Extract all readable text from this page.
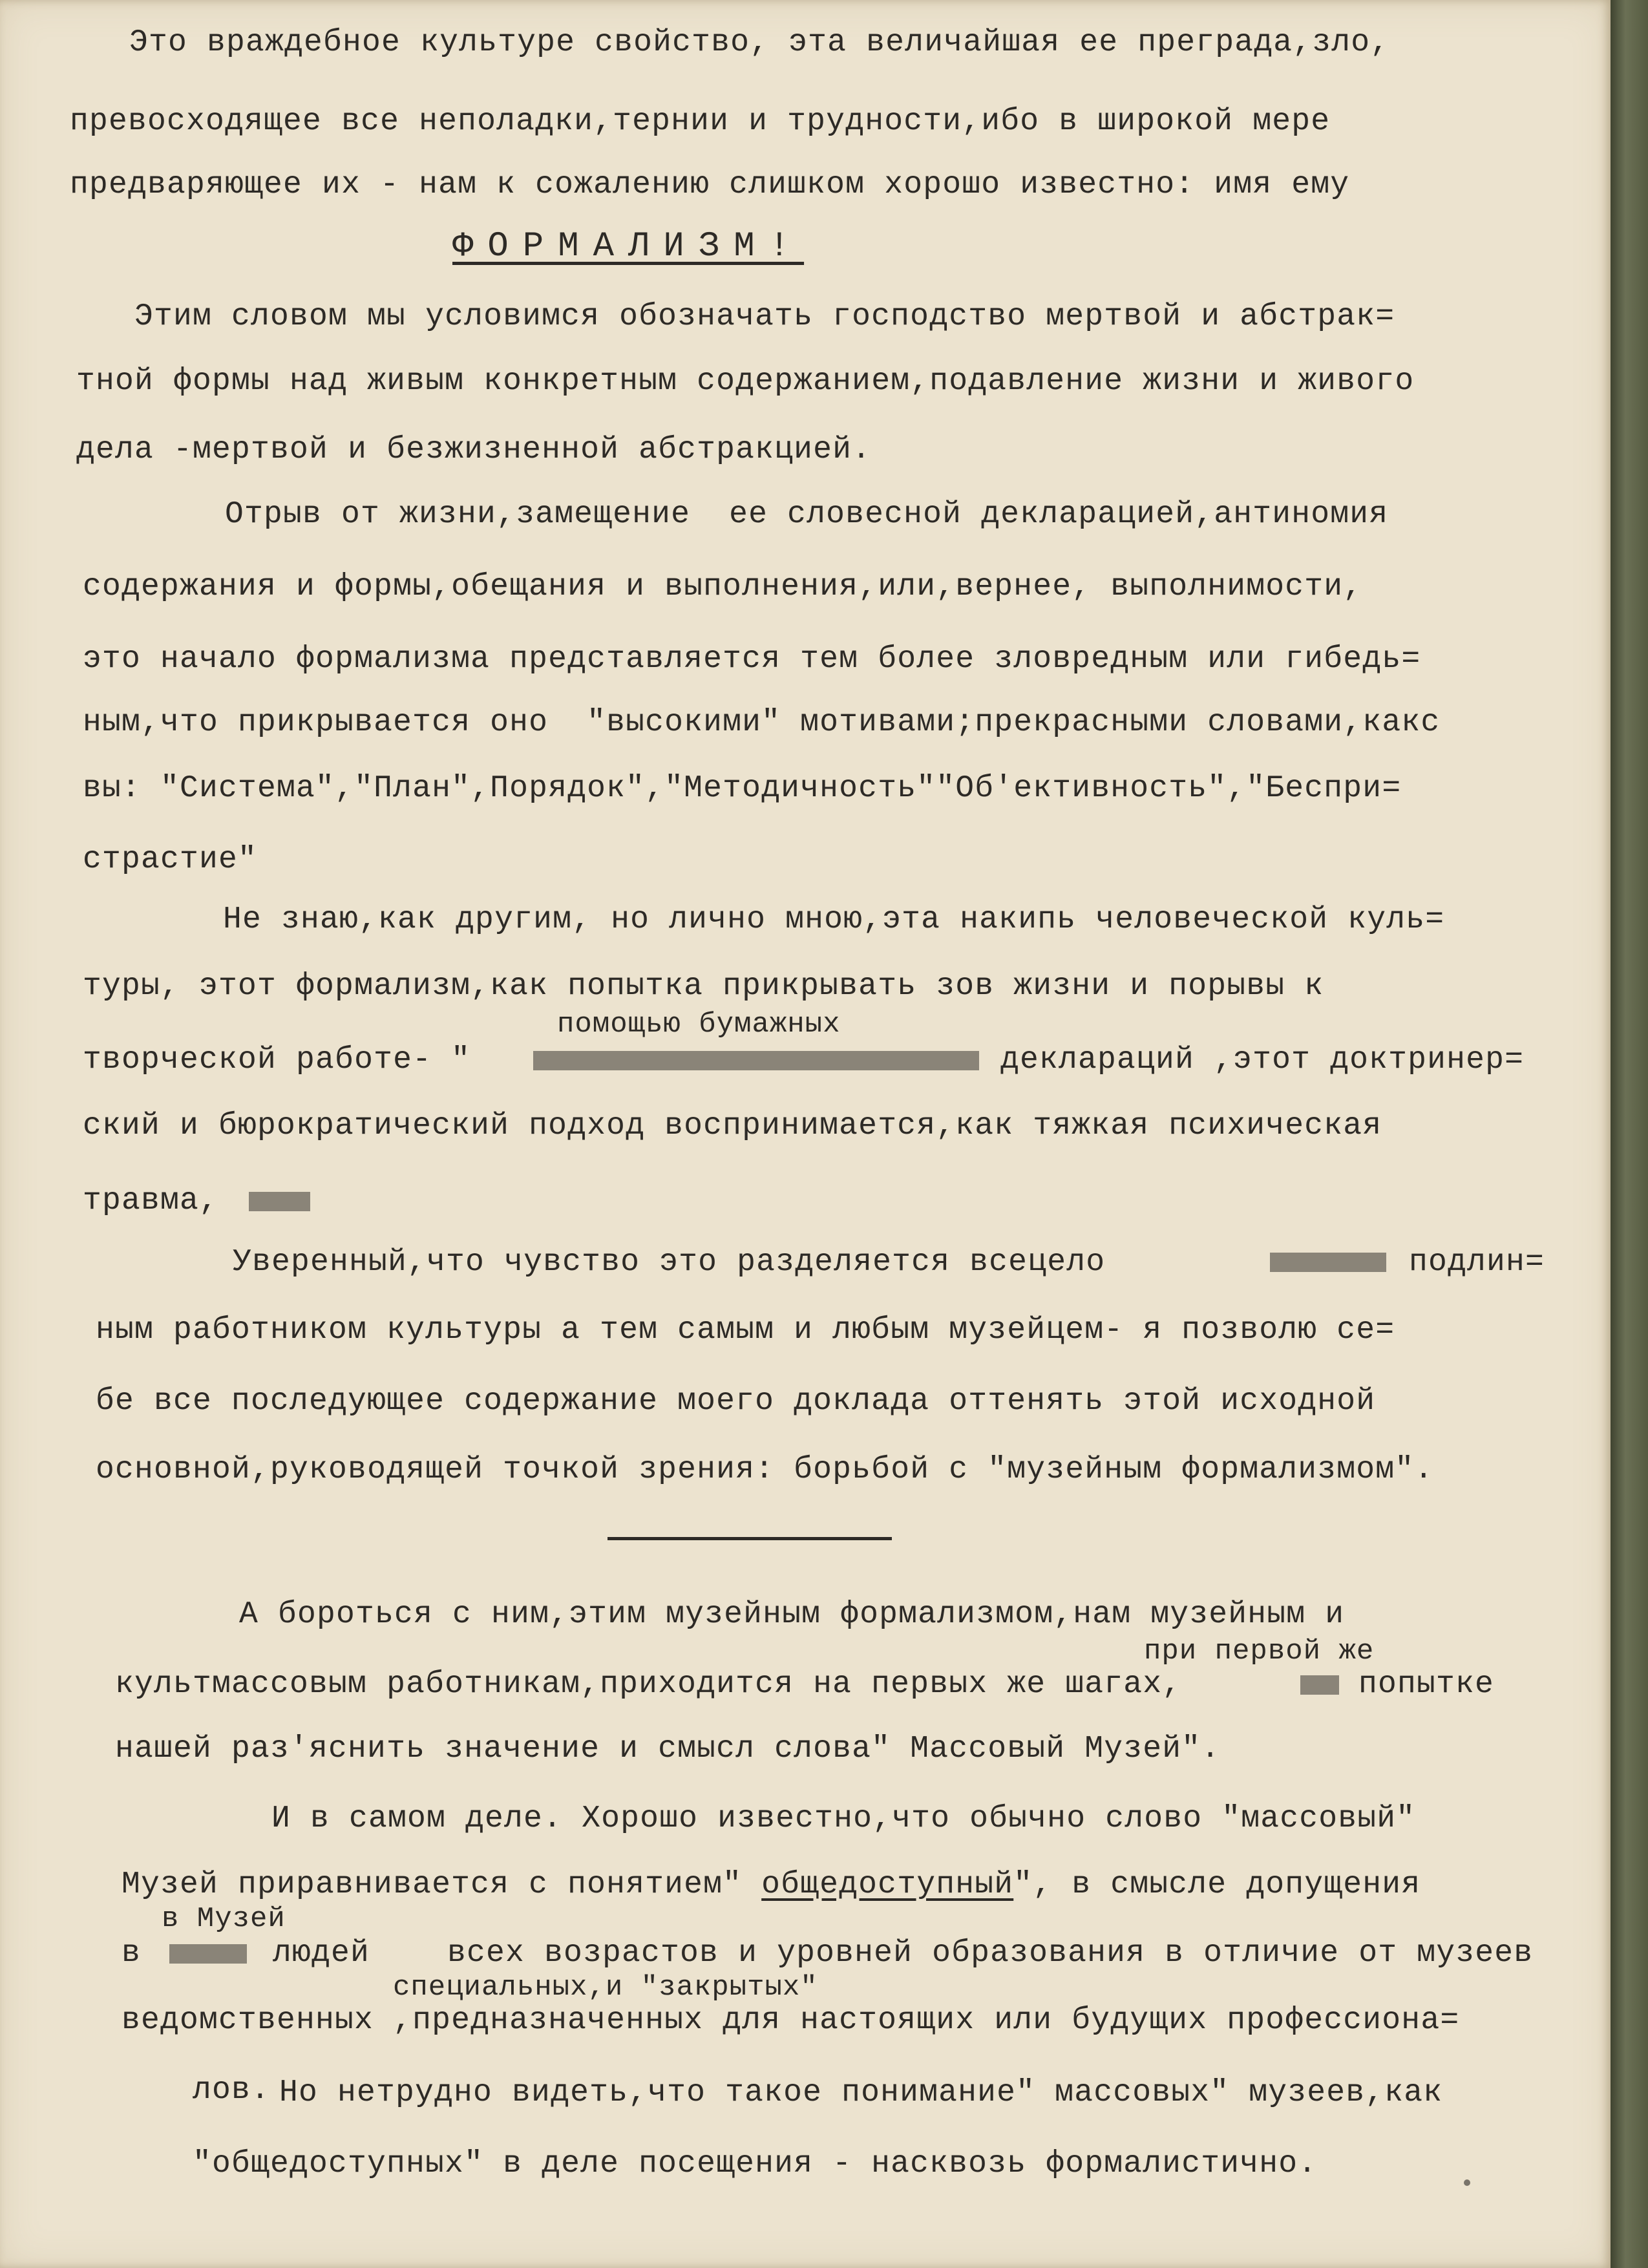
Это враждебное культуре свойство, эта величайшая ее преграда,зло,
превосходящее все неполадки,тернии и трудности,ибо в широкой мере
предваряющее их - нам к сожалению слишком хорошо известно: имя ему
ФОРМАЛИЗМ!
Этим словом мы условимся обозначать господство мертвой и абстрак=
тной формы над живым конкретным содержанием,подавление жизни и живого
дела -мертвой и безжизненной абстракцией.
Отрыв от жизни,замещение  ее словесной декларацией,антиномия
содержания и формы,обещания и выполнения,или,вернее, выполнимости,
это начало формализма представляется тем более зловредным или гибедь=
ным,что прикрывается оно  "высокими" мотивами;прекрасными словами,какс
вы: "Система","План",Порядок","Методичность""Об'ективность","Беспри=
страстие"
Не знаю,как другим, но лично мною,эта накипь человеческой куль=
туры, этот формализм,как попытка прикрывать зов жизни и порывы к
помощью бумажных
творческой работе- "	деклараций ,этот доктринер=
ский и бюрократический подход воспринимается,как тяжкая психическая
травма,
Уверенный,что чувство это разделяется всецело	подлин=
ным работником культуры а тем самым и любым музейцем- я позволю се=
бе все последующее содержание моего доклада оттенять этой исходной
основной,руководящей точкой зрения: борьбой с "музейным формализмом".
А бороться с ним,этим музейным формализмом,нам музейным и
при первой же
культмассовым работникам,приходится на первых же шагах,	попытке
нашей раз'яснить значение и смысл слова" Массовый Музей".
И в самом деле. Хорошо известно,что обычно слово "массовый"
Музей приравнивается с понятием" общедоступный", в смысле допущения
в Музей
в	людей всех возрастов и уровней образования в отличие от музеев
специальных,и "закрытых"
ведомственных ,предназначенных для настоящих или будущих профессиона=
лов. Но нетрудно видеть,что такое понимание" массовых" музеев,как
"общедоступных" в деле посещения - насквозь формалистично.
